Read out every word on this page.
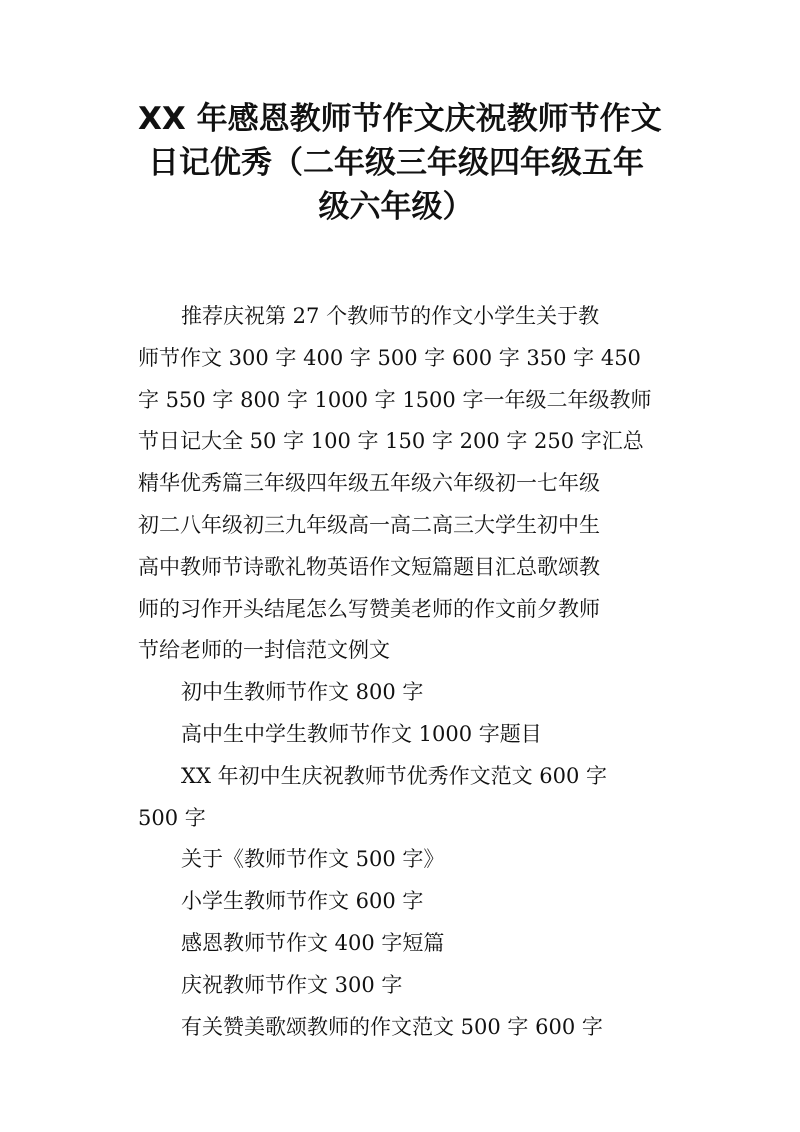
XX 年感恩教师节作文庆祝教师节作文
日记优秀（二年级三年级四年级五年
级六年级）
推荐庆祝第 27 个教师节的作文小学生关于教
师节作文 300 字 400 字 500 字 600 字 350 字 450
字 550 字 800 字 1000 字 1500 字一年级二年级教师
节日记大全 50 字 100 字 150 字 200 字 250 字汇总
精华优秀篇三年级四年级五年级六年级初一七年级
初二八年级初三九年级高一高二高三大学生初中生
高中教师节诗歌礼物英语作文短篇题目汇总歌颂教
师的习作开头结尾怎么写赞美老师的作文前夕教师
节给老师的一封信范文例文
初中生教师节作文 800 字
高中生中学生教师节作文 1000 字题目
XX 年初中生庆祝教师节优秀作文范文 600 字
500 字
关于《教师节作文 500 字》
小学生教师节作文 600 字
感恩教师节作文 400 字短篇
庆祝教师节作文 300 字
有关赞美歌颂教师的作文范文 500 字 600 字
